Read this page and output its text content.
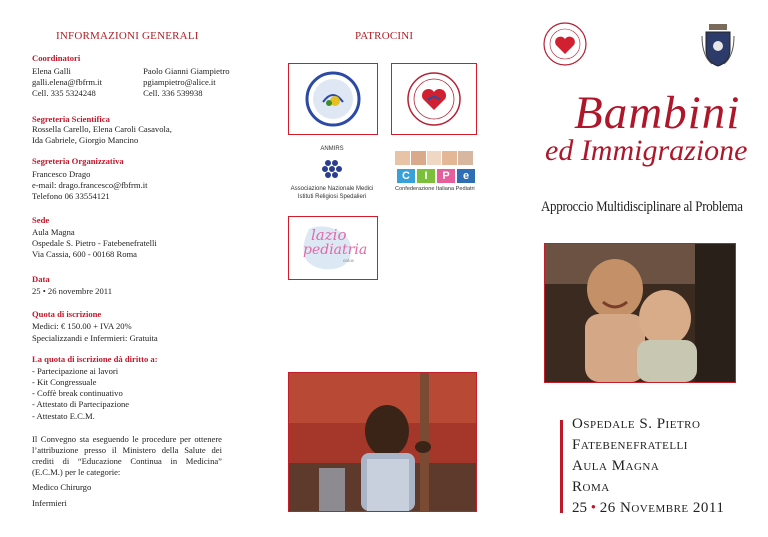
INFORMAZIONI GENERALI
Coordinatori
Elena Galli
galli.elena@fbfrm.it
Cell. 335 5324248
Paolo Gianni Giampietro
pgiampietro@alice.it
Cell. 336 539938
Segreteria Scientifica
Rossella Carello, Elena Caroli Casavola,
Ida Gabriele, Giorgio Mancino
Segreteria Organizzativa
Francesco Drago
e-mail: drago.francesco@fbfrm.it
Telefono 06 33554121
Sede
Aula Magna
Ospedale S. Pietro - Fatebenefratelli
Via Cassia, 600 - 00168 Roma
Data
25 • 26 novembre 2011
Quota di iscrizione
Medici: € 150.00 + IVA 20%
Specializzandi e Infermieri: Gratuita
La quota di iscrizione dà diritto a:
- Partecipazione ai lavori
- Kit Congressuale
- Coffè break continuativo
- Attestato di Partecipazione
- Attestato E.C.M.
Il Convegno sta eseguendo le procedure per ottenere l’attribuzione presso il Ministero della Salute dei crediti di “Educazione Continua in Medicina” (E.C.M.) per le categorie:
Medico Chirurgo
Infermieri
PATROCINI
ANMIRS
Associazione Nazionale Medici
Istituti Religiosi Spedalieri
C	I	P	e
Confederazione Italiana Pediatri
lazio
pediatria
onlus
Bambini
ed Immigrazione
Approccio Multidisciplinare al Problema
Ospedale S. Pietro
Fatebenefratelli
Aula Magna
Roma
25 • 26 Novembre 2011
